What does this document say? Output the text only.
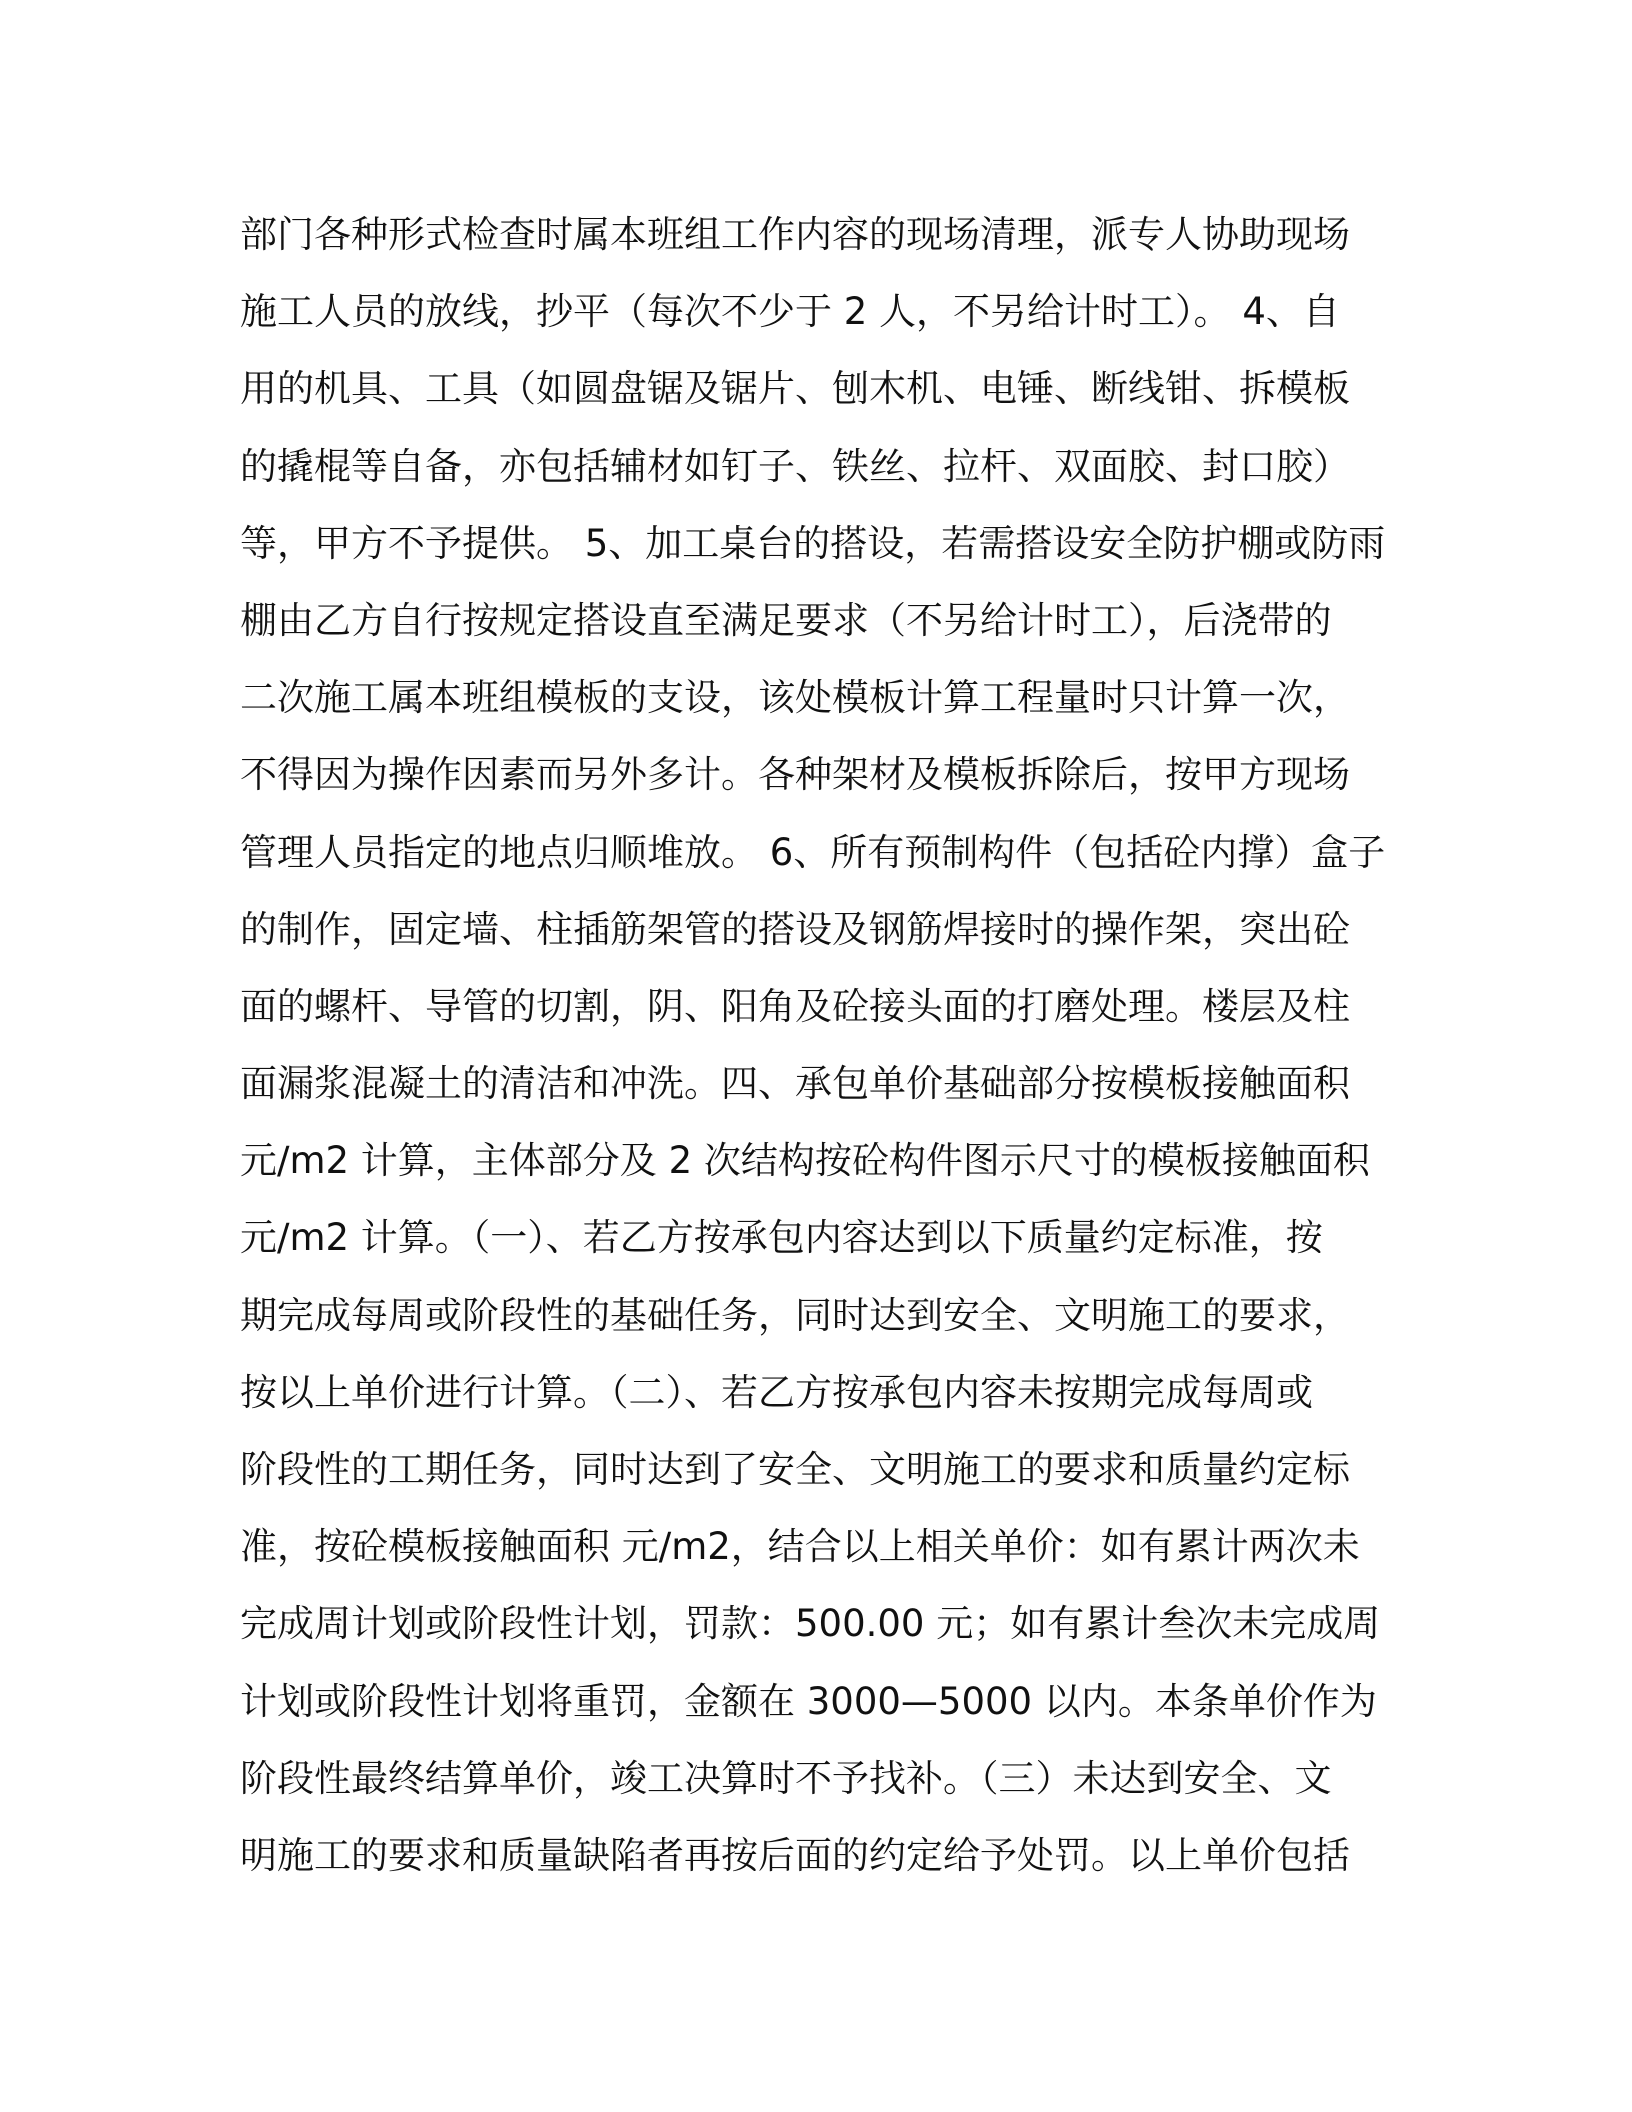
部门各种形式检查时属本班组工作内容的现场清理，派专人协助现场
施工人员的放线，抄平（每次不少于 2 人，不另给计时工）。 4、自
用的机具、工具（如圆盘锯及锯片、刨木机、电锤、断线钳、拆模板
的撬棍等自备，亦包括辅材如钉子、铁丝、拉杆、双面胶、封口胶）
等，甲方不予提供。 5、加工桌台的搭设，若需搭设安全防护棚或防雨
棚由乙方自行按规定搭设直至满足要求（不另给计时工），后浇带的
二次施工属本班组模板的支设，该处模板计算工程量时只计算一次，
不得因为操作因素而另外多计。各种架材及模板拆除后，按甲方现场
管理人员指定的地点归顺堆放。 6、所有预制构件（包括砼内撑）盒子
的制作，固定墙、柱插筋架管的搭设及钢筋焊接时的操作架，突出砼
面的螺杆、导管的切割，阴、阳角及砼接头面的打磨处理。楼层及柱
面漏浆混凝土的清洁和冲洗。四、承包单价基础部分按模板接触面积
元/m2 计算，主体部分及 2 次结构按砼构件图示尺寸的模板接触面积
元/m2 计算。（一）、若乙方按承包内容达到以下质量约定标准，按
期完成每周或阶段性的基础任务，同时达到安全、文明施工的要求，
按以上单价进行计算。（二）、若乙方按承包内容未按期完成每周或
阶段性的工期任务，同时达到了安全、文明施工的要求和质量约定标
准，按砼模板接触面积 元/m2，结合以上相关单价：如有累计两次未
完成周计划或阶段性计划，罚款：500.00 元；如有累计叁次未完成周
计划或阶段性计划将重罚，金额在 3000—5000 以内。本条单价作为
阶段性最终结算单价，竣工决算时不予找补。（三）未达到安全、文
明施工的要求和质量缺陷者再按后面的约定给予处罚。以上单价包括
